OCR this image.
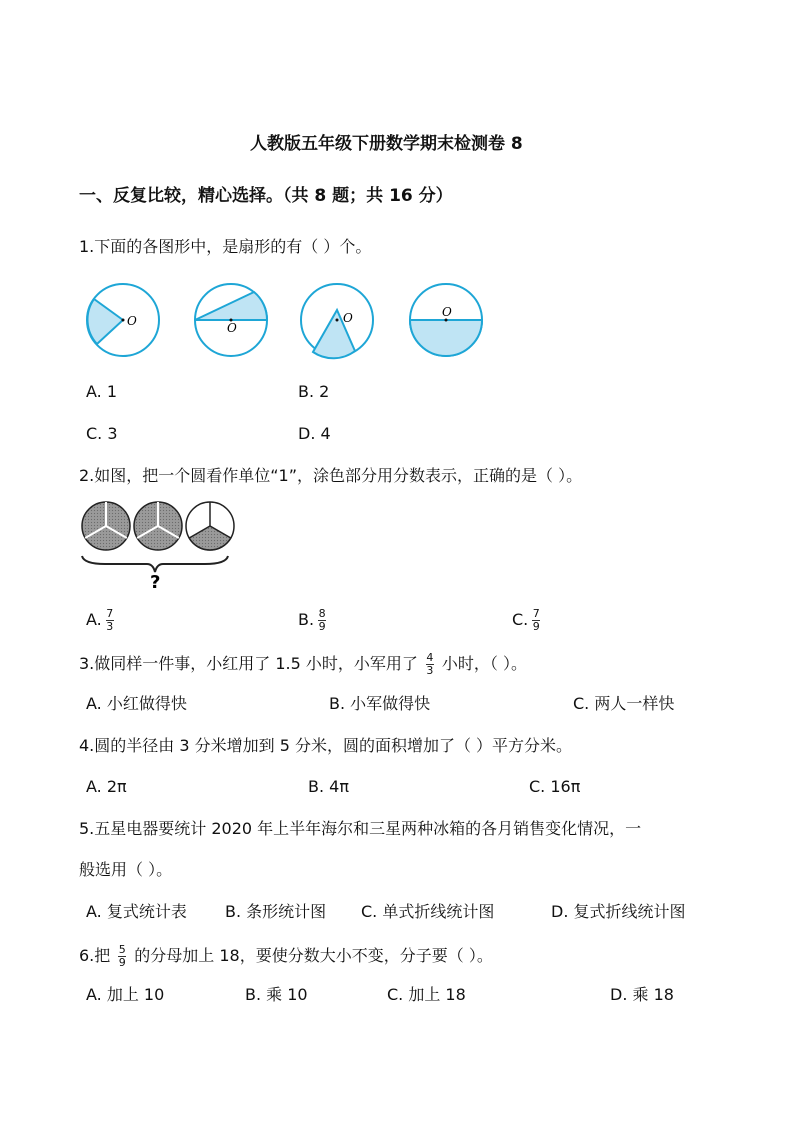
人教版五年级下册数学期末检测卷 8
一、反复比较，精心选择。（共 8 题；共 16 分）
1.下面的各图形中，是扇形的有（ ）个。
O	O
O	O
A. 1	B. 2
C. 3	D. 4
2.如图，把一个圆看作单位“1”，涂色部分用分数表示，正确的是（ ）。
?
A. $\frac{7}{3}$	B. $\frac{8}{9}$	C. $\frac{7}{9}$
3.做同样一件事，小红用了 1.5 小时，小军用了 $\frac{4}{3}$ 小时，（ ）。
A. 小红做得快	B. 小军做得快	C. 两人一样快
4.圆的半径由 3 分米增加到 5 分米，圆的面积增加了（ ）平方分米。
A. 2π	B. 4π	C. 16π
5.五星电器要统计 2020 年上半年海尔和三星两种冰箱的各月销售变化情况，一
般选用（ ）。
A. 复式统计表 B. 条形统计图 C. 单式折线统计图	D. 复式折线统计图
6.把 $\frac{5}{9}$ 的分母加上 18，要使分数大小不变，分子要（ ）。
A. 加上 10	B. 乘 10	C. 加上 18	D. 乘 18
